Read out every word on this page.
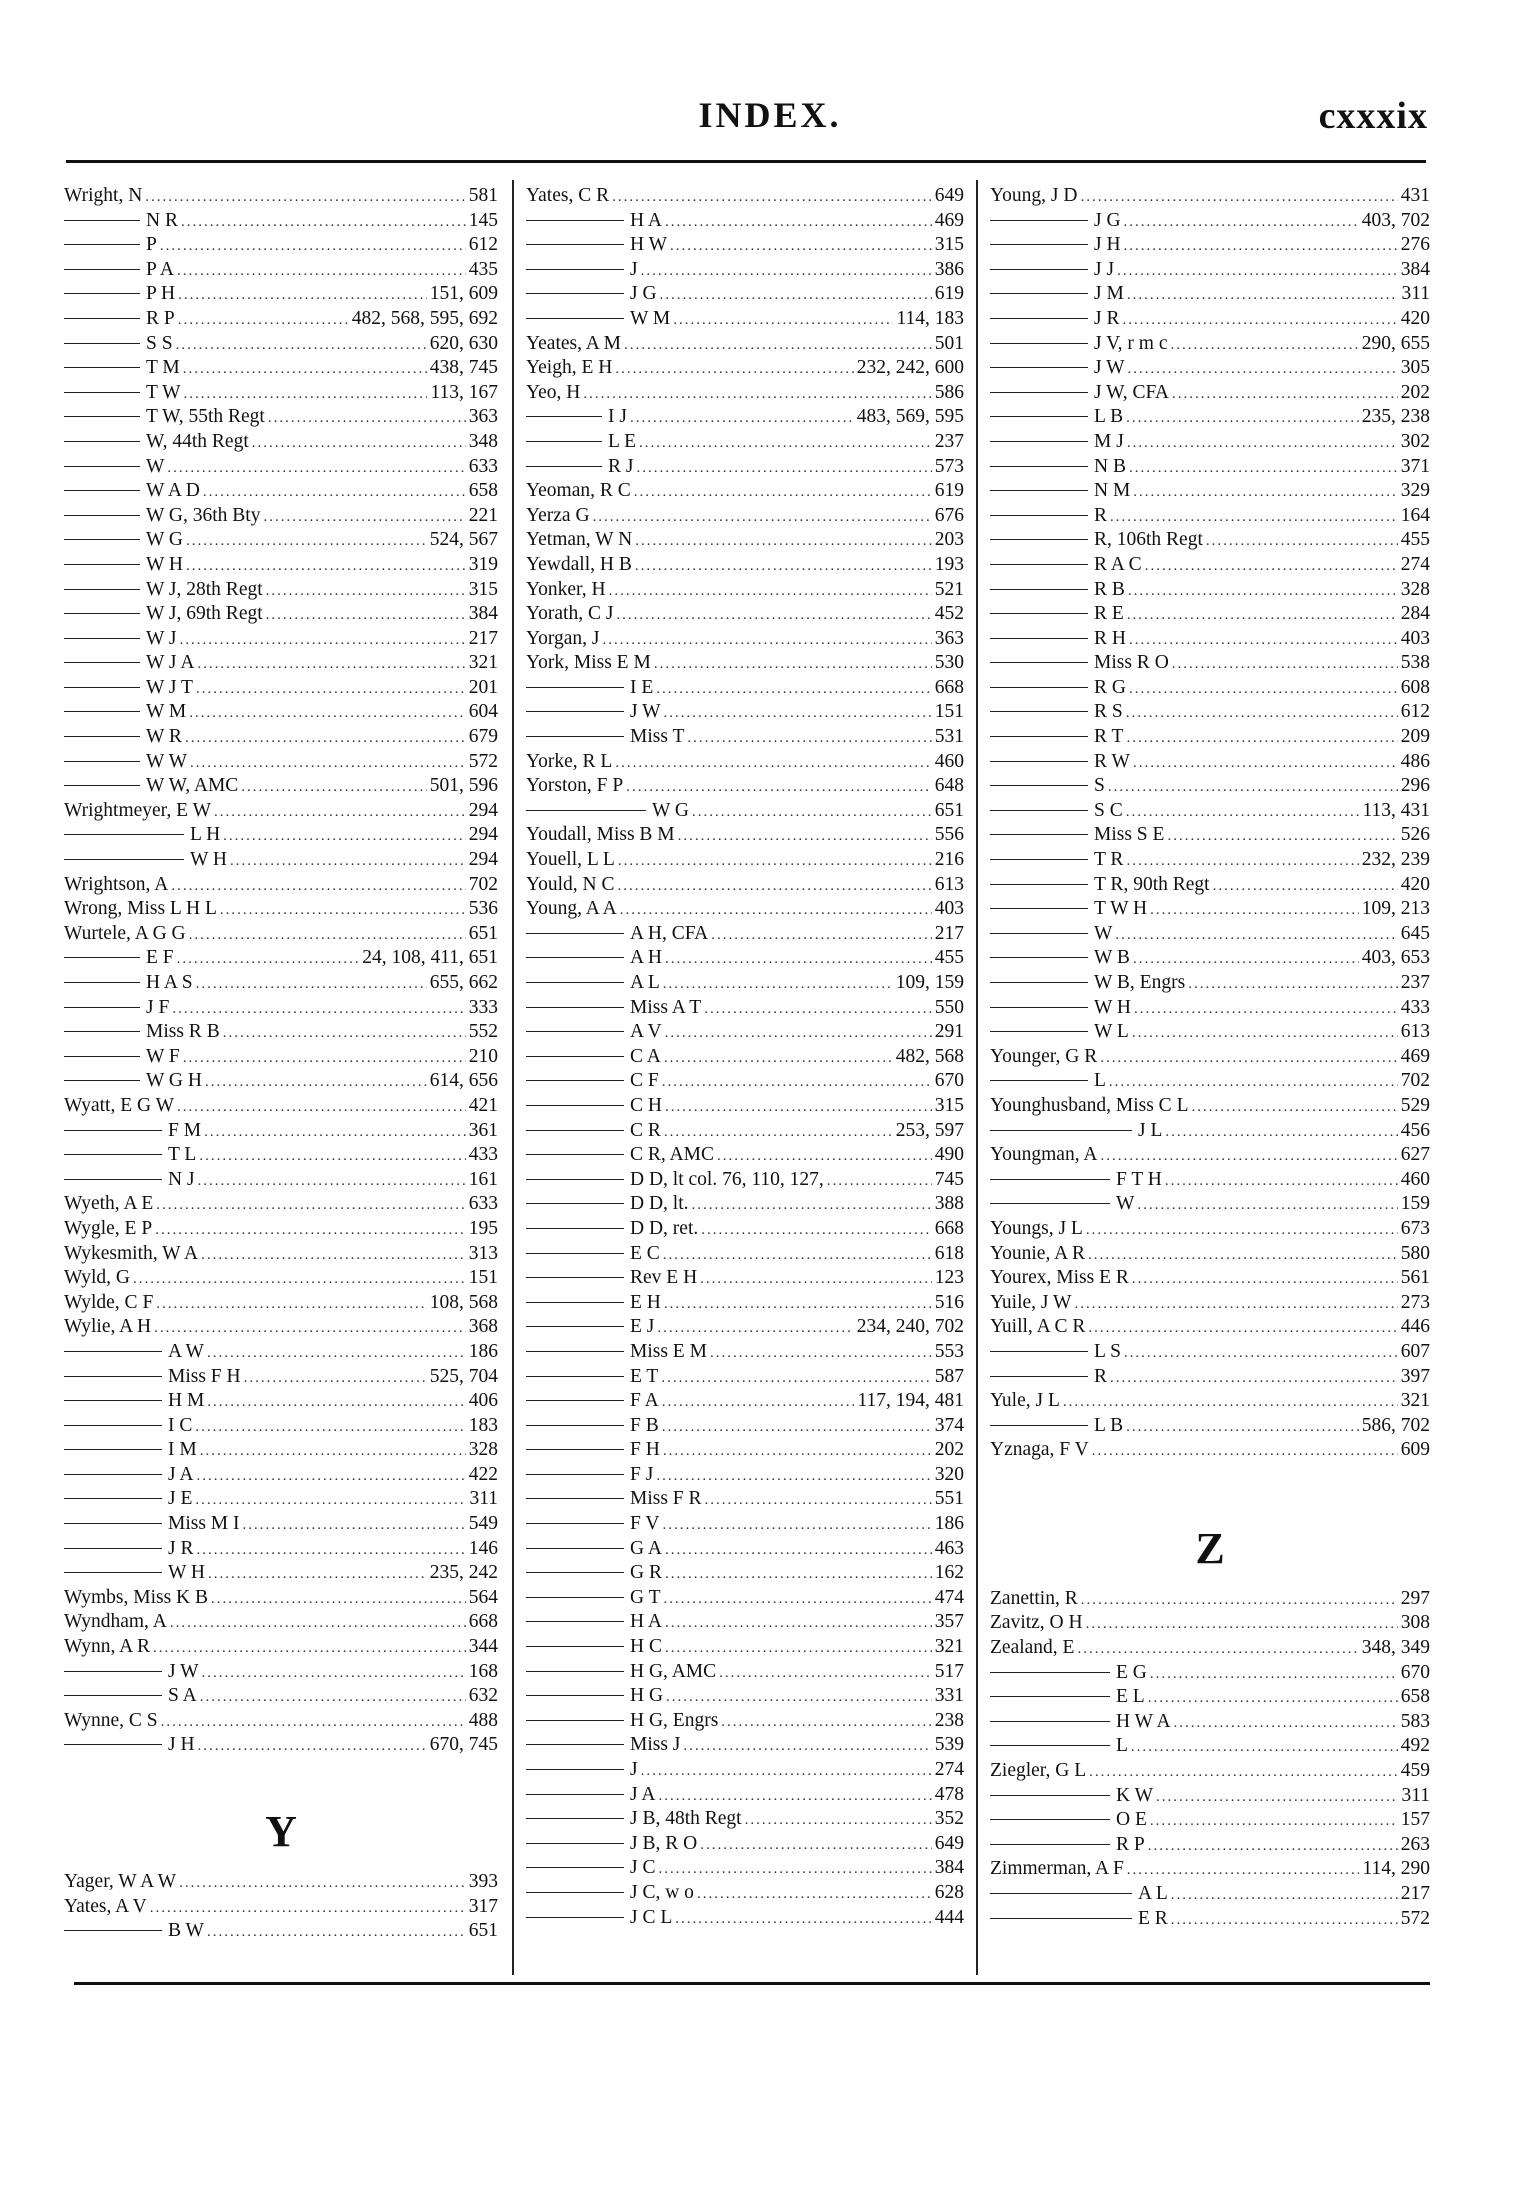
INDEX.	cxxxix
Wright, N .....	581
N R .....	145
P .....	612
P A .....	435
P H .....	151, 609
R P .....	482, 568, 595, 692
S S .....	620, 630
T M .....	438, 745
T W .....	113, 167
T W, 55th Regt .....	363
W, 44th Regt .....	348
W .....	633
W A D .....	658
W G, 36th Bty .....	221
W G .....	524, 567
W H .....	319
W J, 28th Regt .....	315
W J, 69th Regt .....	384
W J .....	217
W J A .....	321
W J T .....	201
W M .....	604
W R .....	679
W W .....	572
W W, AMC .....	501, 596
Wrightmeyer, E W .....	294
L H .....	294
W H .....	294
Wrightson, A .....	702
Wrong, Miss L H L .....	536
Wurtele, A G G .....	651
E F .....	24, 108, 411, 651
H A S .....	655, 662
J F .....	333
Miss R B .....	552
W F .....	210
W G H .....	614, 656
Wyatt, E G W .....	421
F M .....	361
T L .....	433
N J .....	161
Wyeth, A E .....	633
Wygle, E P .....	195
Wykesmith, W A .....	313
Wyld, G .....	151
Wylde, C F .....	108, 568
Wylie, A H .....	368
A W .....	186
Miss F H .....	525, 704
H M .....	406
I C .....	183
I M .....	328
J A .....	422
J E .....	311
Miss M I .....	549
J R .....	146
W H .....	235, 242
Wymbs, Miss K B .....	564
Wyndham, A .....	668
Wynn, A R .....	344
J W .....	168
S A .....	632
Wynne, C S .....	488
J H .....	670, 745
Y
Yager, W A W .....	393
Yates, A V .....	317
B W .....	651
Yates, C R .....	649
H A .....	469
H W .....	315
J .....	386
J G .....	619
W M .....	114, 183
Yeates, A M .....	501
Yeigh, E H .....	232, 242, 600
Yeo, H .....	586
I J .....	483, 569, 595
L E .....	237
R J .....	573
Yeoman, R C .....	619
Yerza G .....	676
Yetman, W N .....	203
Yewdall, H B .....	193
Yonker, H .....	521
Yorath, C J .....	452
Yorgan, J .....	363
York, Miss E M .....	530
I E .....	668
J W .....	151
Miss T .....	531
Yorke, R L .....	460
Yorston, F P .....	648
W G .....	651
Youdall, Miss B M .....	556
Youell, L L .....	216
Yould, N C .....	613
Young, A A .....	403
A H, CFA .....	217
A H .....	455
A L .....	109, 159
Miss A T .....	550
A V .....	291
C A .....	482, 568
C F .....	670
C H .....	315
C R .....	253, 597
C R, AMC .....	490
D D, lt col. 76, 110, 127, .....	745
D D, lt. .....	388
D D, ret. .....	668
E C .....	618
Rev E H .....	123
E H .....	516
E J .....	234, 240, 702
Miss E M .....	553
E T .....	587
F A .....	117, 194, 481
F B .....	374
F H .....	202
F J .....	320
Miss F R .....	551
F V .....	186
G A .....	463
G R .....	162
G T .....	474
H A .....	357
H C .....	321
H G, AMC .....	517
H G .....	331
H G, Engrs .....	238
Miss J .....	539
J .....	274
J A .....	478
J B, 48th Regt .....	352
J B, R O .....	649
J C .....	384
J C, w o .....	628
J C L .....	444
Young, J D .....	431
J G .....	403, 702
J H .....	276
J J .....	384
J M .....	311
J R .....	420
J V, r m c .....	290, 655
J W .....	305
J W, CFA .....	202
L B .....	235, 238
M J .....	302
N B .....	371
N M .....	329
R .....	164
R, 106th Regt .....	455
R A C .....	274
R B .....	328
R E .....	284
R H .....	403
Miss R O .....	538
R G .....	608
R S .....	612
R T .....	209
R W .....	486
S .....	296
S C .....	113, 431
Miss S E .....	526
T R .....	232, 239
T R, 90th Regt .....	420
T W H .....	109, 213
W .....	645
W B .....	403, 653
W B, Engrs .....	237
W H .....	433
W L .....	613
Younger, G R .....	469
L .....	702
Younghusband, Miss C L .....	529
J L .....	456
Youngman, A .....	627
F T H .....	460
W .....	159
Youngs, J L .....	673
Younie, A R .....	580
Yourex, Miss E R .....	561
Yuile, J W .....	273
Yuill, A C R .....	446
L S .....	607
R .....	397
Yule, J L .....	321
L B .....	586, 702
Yznaga, F V .....	609
Z
Zanettin, R .....	297
Zavitz, O H .....	308
Zealand, E .....	348, 349
E G .....	670
E L .....	658
H W A .....	583
L .....	492
Ziegler, G L .....	459
K W .....	311
O E .....	157
R P .....	263
Zimmerman, A F .....	114, 290
A L .....	217
E R .....	572
